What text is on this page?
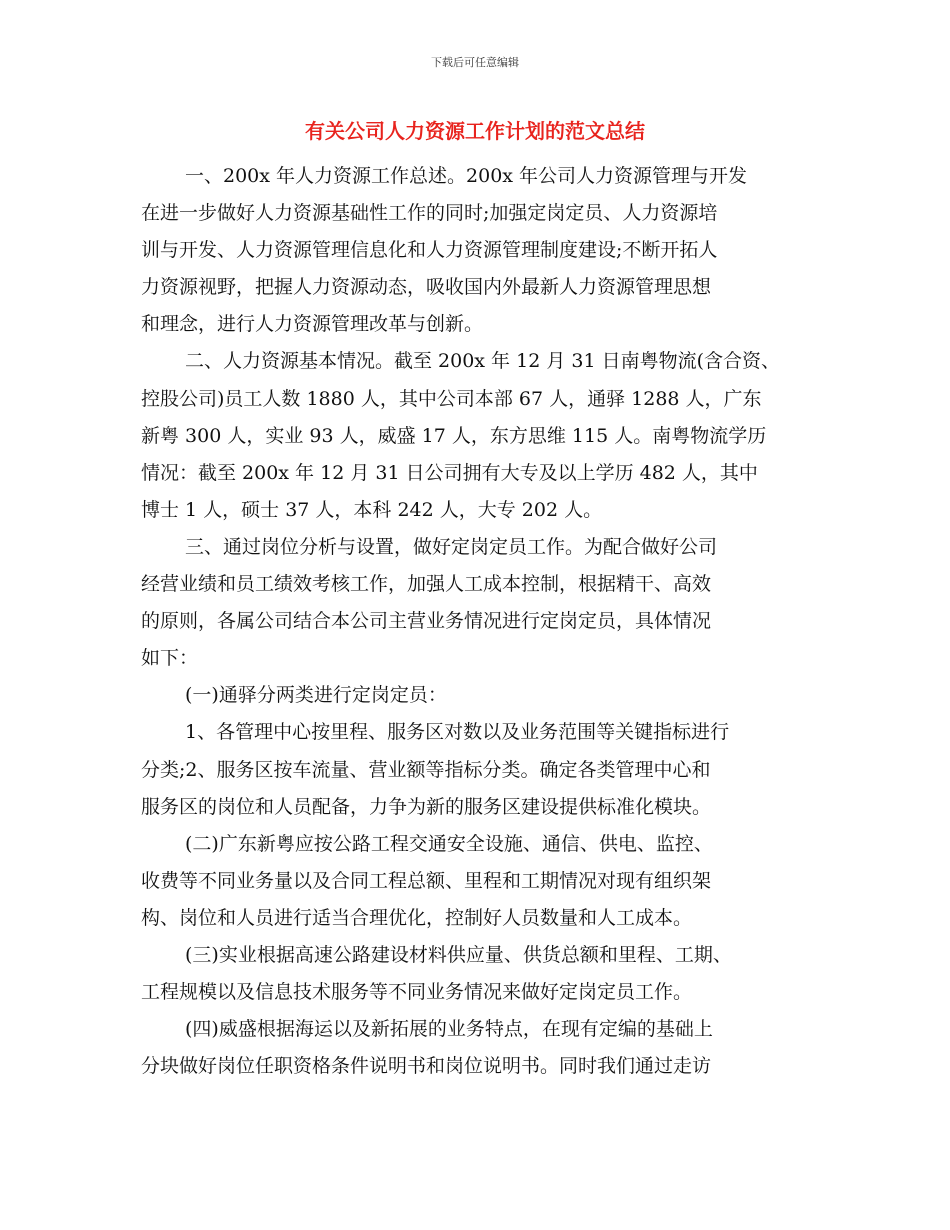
下载后可任意编辑
有关公司人力资源工作计划的范文总结
一、200x 年人力资源工作总述。200x 年公司人力资源管理与开发
在进一步做好人力资源基础性工作的同时;加强定岗定员、人力资源培
训与开发、人力资源管理信息化和人力资源管理制度建设;不断开拓人
力资源视野，把握人力资源动态，吸收国内外最新人力资源管理思想
和理念，进行人力资源管理改革与创新。
二、人力资源基本情况。截至 200x 年 12 月 31 日南粤物流(含合资、
控股公司)员工人数 1880 人，其中公司本部 67 人，通驿 1288 人，广东
新粤 300 人，实业 93 人，威盛 17 人，东方思维 115 人。南粤物流学历
情况：截至 200x 年 12 月 31 日公司拥有大专及以上学历 482 人，其中
博士 1 人，硕士 37 人，本科 242 人，大专 202 人。
三、通过岗位分析与设置，做好定岗定员工作。为配合做好公司
经营业绩和员工绩效考核工作，加强人工成本控制，根据精干、高效
的原则，各属公司结合本公司主营业务情况进行定岗定员，具体情况
如下：
(一)通驿分两类进行定岗定员：
1、各管理中心按里程、服务区对数以及业务范围等关键指标进行
分类;2、服务区按车流量、营业额等指标分类。确定各类管理中心和
服务区的岗位和人员配备，力争为新的服务区建设提供标准化模块。
(二)广东新粤应按公路工程交通安全设施、通信、供电、监控、
收费等不同业务量以及合同工程总额、里程和工期情况对现有组织架
构、岗位和人员进行适当合理优化，控制好人员数量和人工成本。
(三)实业根据高速公路建设材料供应量、供货总额和里程、工期、
工程规模以及信息技术服务等不同业务情况来做好定岗定员工作。
(四)威盛根据海运以及新拓展的业务特点，在现有定编的基础上
分块做好岗位任职资格条件说明书和岗位说明书。同时我们通过走访
